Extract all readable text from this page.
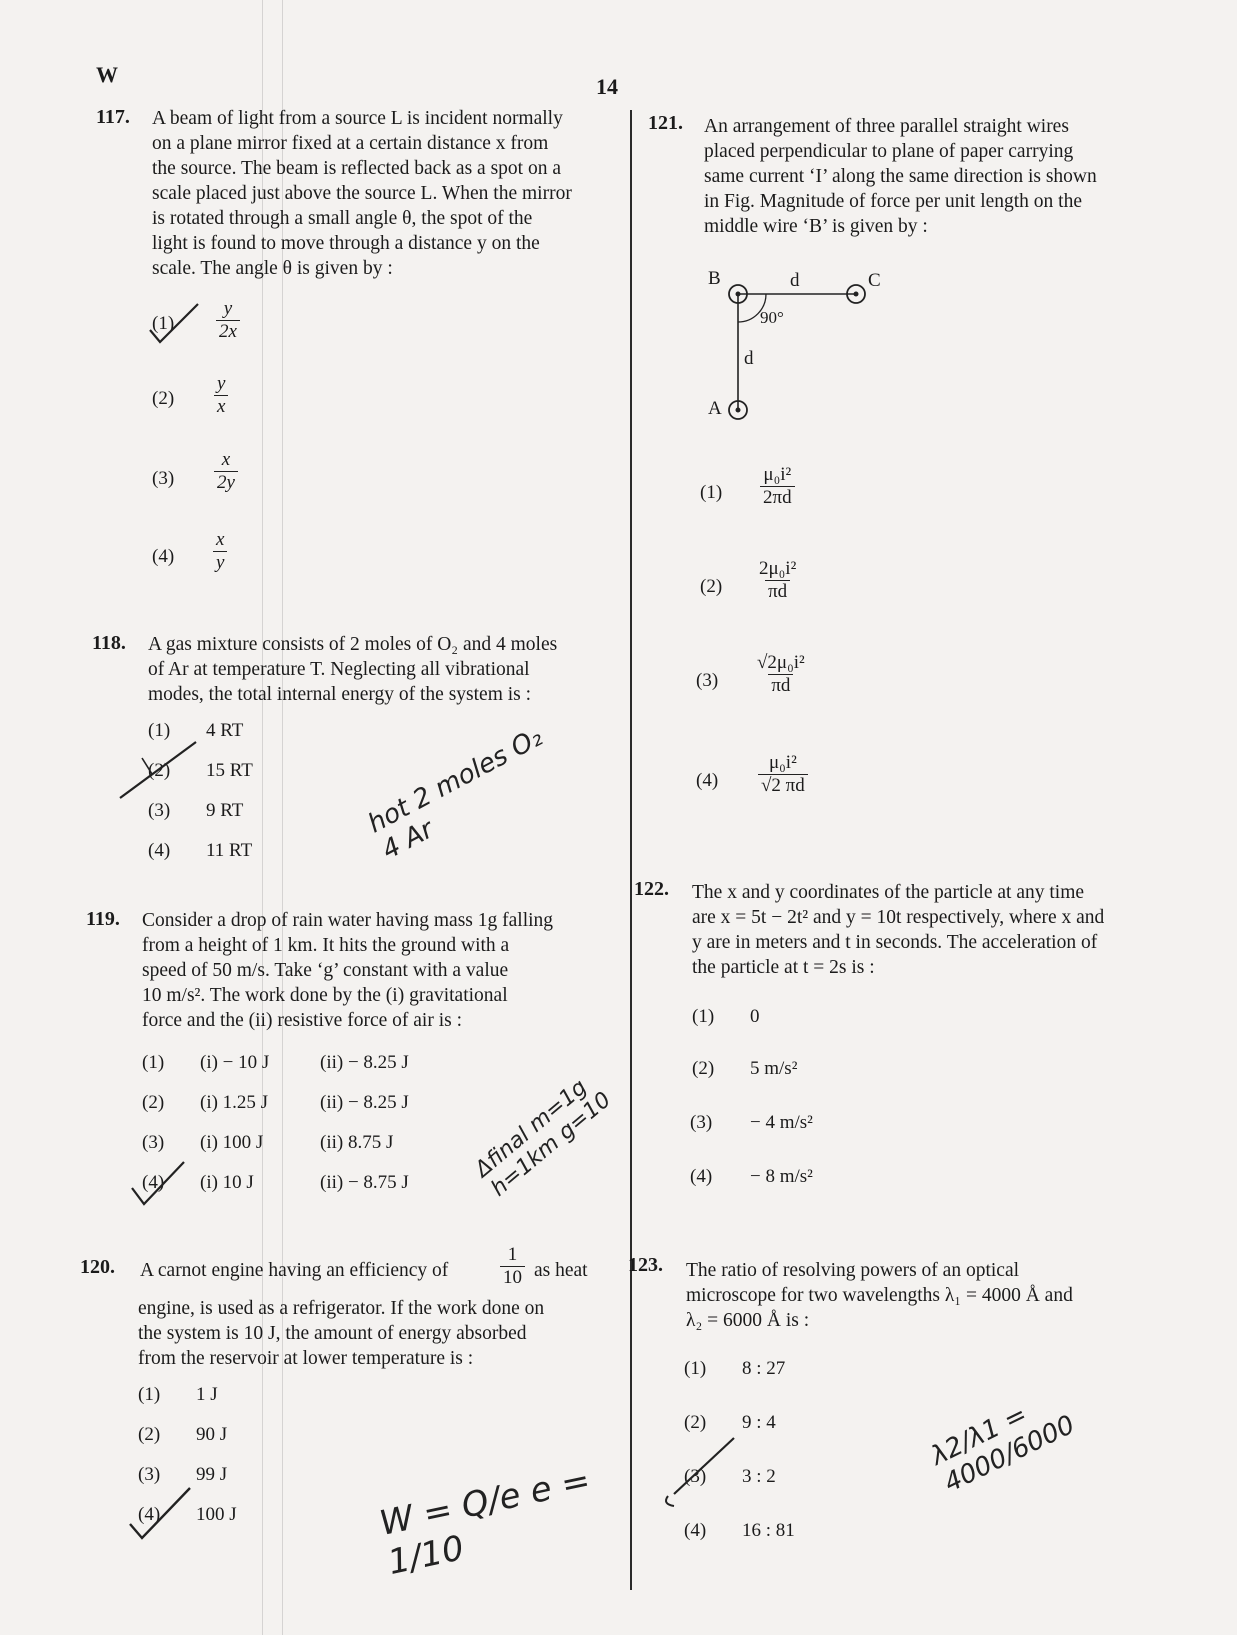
W	14
117. A beam of light from a source L is incident normally
on a plane mirror fixed at a certain distance x from
the source. The beam is reflected back as a spot on a
scale placed just above the source L. When the mirror
is rotated through a small angle θ, the spot of the
light is found to move through a distance y on the
scale. The angle θ is given by :
$(1) \frac{y}{2x}$
$(2) \frac{y}{x}$
$(3) \frac{x}{2y}$
$(4) \frac{x}{y}$
118. A gas mixture consists of 2 moles of O₂ and 4 moles
of Ar at temperature T. Neglecting all vibrational
modes, the total internal energy of the system is :
(1) 4 RT
(2) 15 RT
(3) 9 RT
(4) 11 RT
hot 2 moles O₂ 4 Ar
119. Consider a drop of rain water having mass 1g falling
from a height of 1 km. It hits the ground with a
speed of 50 m/s. Take ‘g’ constant with a value
10 m/s². The work done by the (i) gravitational
force and the (ii) resistive force of air is :
(1) (i) − 10 J	(ii) − 8.25 J
(2) (i) 1.25 J	(ii) − 8.25 J
(3) (i) 100 J	(ii) 8.75 J
(4) (i) 10 J	(ii) − 8.75 J
Δfinal m=1g h=1km g=10
120. A carnot engine having an efficiency of	$\frac{1}{10}$ as heat
engine, is used as a refrigerator. If the work done on
the system is 10 J, the amount of energy absorbed
from the reservoir at lower temperature is :
(1) 1 J
(2) 90 J
(3) 99 J
(4) 100 J	W = Q/e e = 1/10
121. An arrangement of three parallel straight wires
placed perpendicular to plane of paper carrying
same current ‘I’ along the same direction is shown
in Fig. Magnitude of force per unit length on the
middle wire ‘B’ is given by :
B	C
A
d
d
90°
$(1) \frac{\text{μ₀i²}}{2\pi d}$
$(2) \frac{\text{2μ₀i²}}{\pi d}$
$(3) \frac{\text{√2μ₀i²}}{\pi d}$
$(4) \frac{\text{μ₀i²}}{√2 \pi d}$
122. The x and y coordinates of the particle at any time
are x = 5t − 2t² and y = 10t respectively, where x and
y are in meters and t in seconds. The acceleration of
the particle at t = 2s is :
(1) 0
(2) 5 m/s²
(3) − 4 m/s²
(4) − 8 m/s²
123. The ratio of resolving powers of an optical
microscope for two wavelengths λ₁ = 4000 Å and
λ₂ = 6000 Å is :
(1) 8 : 27
(2) 9 : 4
(3) 3 : 2
(4) 16 : 81
λ2/λ1 = 4000/6000
